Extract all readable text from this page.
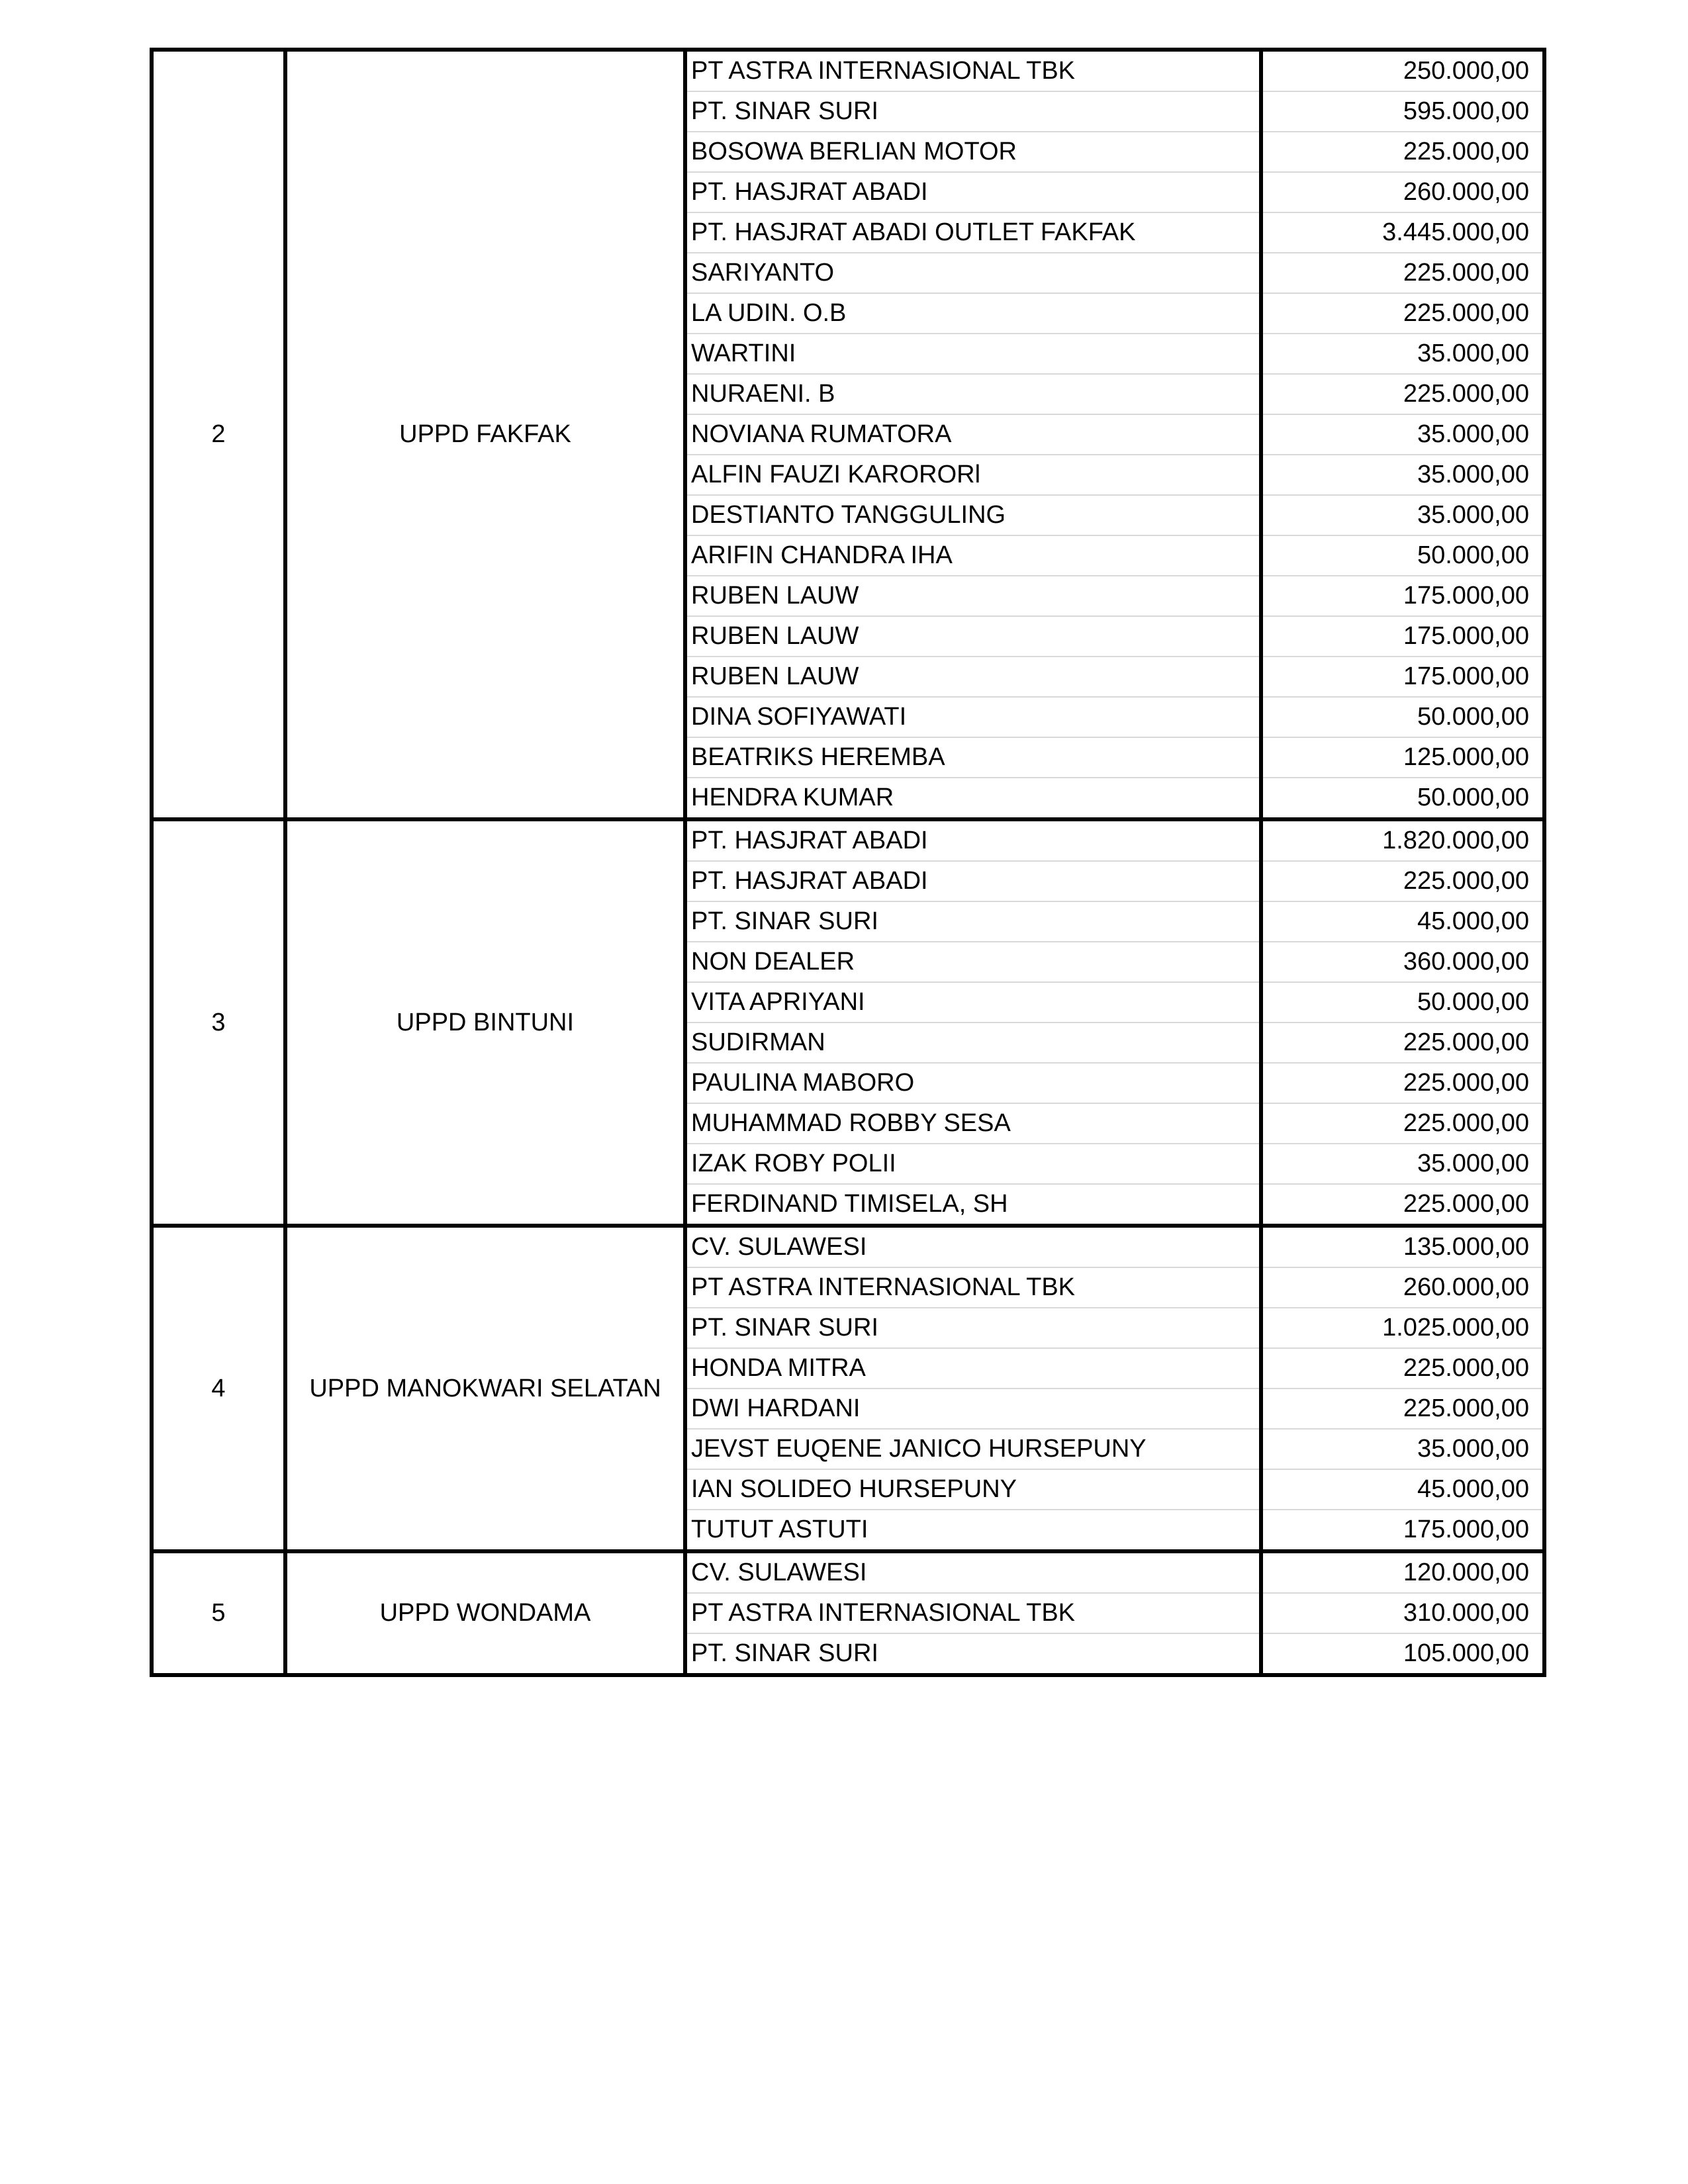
2	UPPD FAKFAK	PT ASTRA INTERNASIONAL TBK	250.000,00
		PT. SINAR SURI	595.000,00
		BOSOWA BERLIAN MOTOR	225.000,00
		PT. HASJRAT ABADI	260.000,00
		PT. HASJRAT ABADI OUTLET FAKFAK	3.445.000,00
		SARIYANTO	225.000,00
		LA UDIN. O.B	225.000,00
		WARTINI	35.000,00
		NURAENI. B	225.000,00
		NOVIANA RUMATORA	35.000,00
		ALFIN FAUZI KARORORl	35.000,00
		DESTIANTO TANGGULING	35.000,00
		ARIFIN CHANDRA IHA	50.000,00
		RUBEN LAUW	175.000,00
		RUBEN LAUW	175.000,00
		RUBEN LAUW	175.000,00
		DINA SOFIYAWATI	50.000,00
		BEATRIKS HEREMBA	125.000,00
		HENDRA KUMAR	50.000,00
3	UPPD BINTUNI	PT. HASJRAT ABADI	1.820.000,00
		PT. HASJRAT ABADI	225.000,00
		PT. SINAR SURI	45.000,00
		NON DEALER	360.000,00
		VITA APRIYANI	50.000,00
		SUDIRMAN	225.000,00
		PAULINA MABORO	225.000,00
		MUHAMMAD ROBBY SESA	225.000,00
		IZAK ROBY POLII	35.000,00
		FERDINAND TIMISELA, SH	225.000,00
4	UPPD MANOKWARI SELATAN	CV. SULAWESI	135.000,00
		PT ASTRA INTERNASIONAL TBK	260.000,00
		PT. SINAR SURI	1.025.000,00
		HONDA MITRA	225.000,00
		DWI HARDANI	225.000,00
		JEVST EUQENE JANICO HURSEPUNY	35.000,00
		IAN SOLIDEO HURSEPUNY	45.000,00
		TUTUT ASTUTI	175.000,00
5	UPPD WONDAMA	CV. SULAWESI	120.000,00
		PT ASTRA INTERNASIONAL TBK	310.000,00
		PT. SINAR SURI	105.000,00
